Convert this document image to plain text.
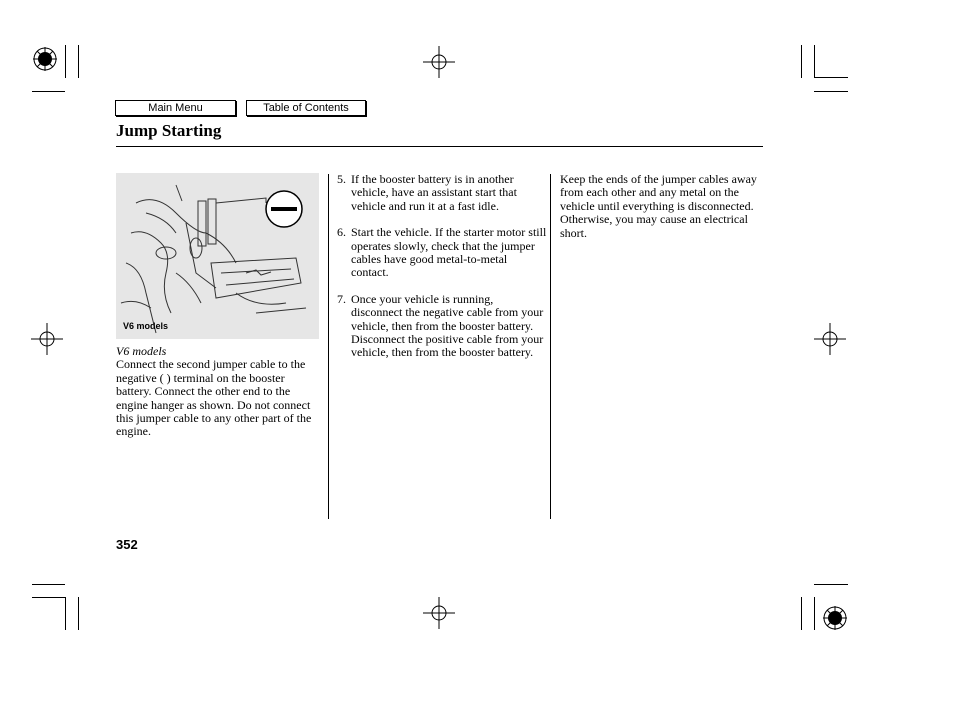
Main Menu	Table of Contents
Jump Starting
V6 models
V6 models
Connect the second jumper cable to the negative ( ) terminal on the booster battery. Connect the other end to the engine hanger as shown. Do not connect this jumper cable to any other part of the engine.
5. If the booster battery is in another vehicle, have an assistant start that vehicle and run it at a fast idle.
6. Start the vehicle. If the starter motor still operates slowly, check that the jumper cables have good metal-to-metal contact.
7. Once your vehicle is running, disconnect the negative cable from your vehicle, then from the booster battery. Disconnect the positive cable from your vehicle, then from the booster battery.
Keep the ends of the jumper cables away from each other and any metal on the vehicle until everything is disconnected. Otherwise, you may cause an electrical short.
352
